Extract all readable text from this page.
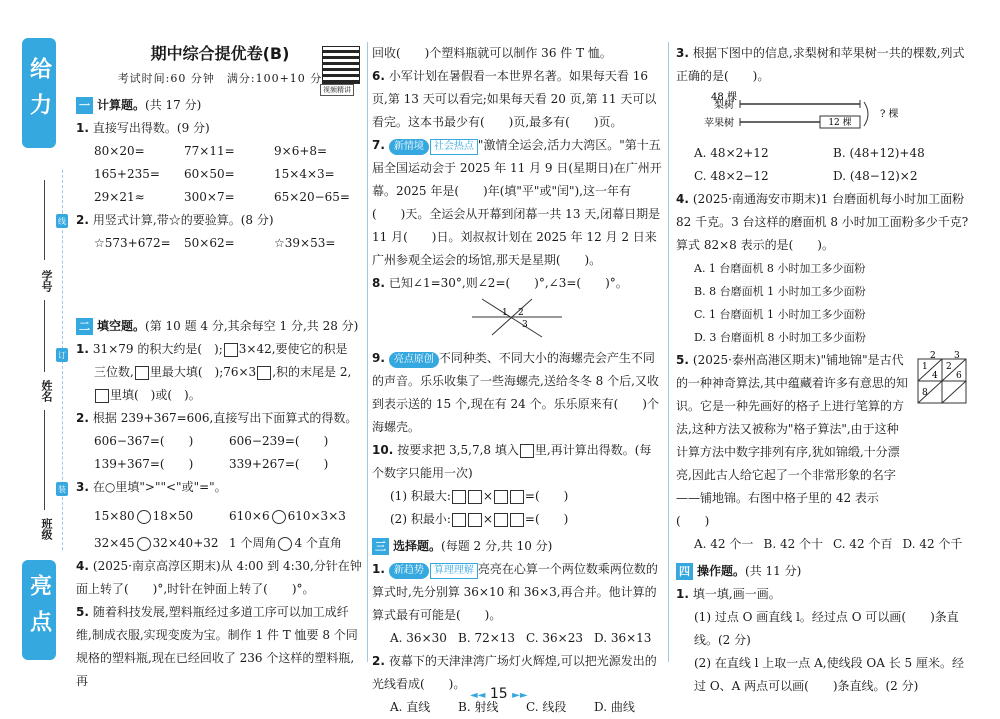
给力
亮点
学号
姓名
班级
线
订
装
视频精讲
期中综合提优卷(B)
考试时间:60 分钟　满分:100+10 分
一 计算题。 (共 17 分)
1. 直接写出得数。(9 分)
80×20=	77×11=	9×6+8=
165+235=	60×50=	15×4×3=
29×21≈	300×7=	65×20−65=
2. 用竖式计算,带☆的要验算。(8 分)
☆573+672=	50×62=	☆39×53=
二 填空题。 (第 10 题 4 分,其余每空 1 分,共 28 分)
1. 31×79 的积大约是(　); 3×42,要使它的积是
三位数, 里最大填(　);76×3 ,积的末尾是 2,
里填(　)或(　)。
2. 根据 239+367=606,直接写出下面算式的得数。
606−367=(　　)	606−239=(　　)
139+367=(　　)	339+267=(　　)
3. 在○里填">""<"或"="。
15×80 18×50	610×6 610×3×3
32×45 32×40+32 1 个周角 4 个直角
4. (2025·南京高淳区期末)从 4:00 到 4:30,分针在钟面上转了(　　)°,时针在钟面上转了(　　)°。
5. 随着科技发展,塑料瓶经过多道工序可以加工成纤维,制成衣服,实现变废为宝。制作 1 件 T 恤要 8 个同规格的塑料瓶,现在已经回收了 236 个这样的塑料瓶,再
回收(　　)个塑料瓶就可以制作 36 件 T 恤。
6. 小军计划在暑假看一本世界名著。如果每天看 16 页,第 13 天可以看完;如果每天看 20 页,第 11 天可以看完。这本书最少有(　　)页,最多有(　　)页。
7. 新情境 社会热点 "激情全运会,活力大湾区。"第十五届全国运动会于 2025 年 11 月 9 日(星期日)在广州开幕。2025 年是(　　)年(填"平"或"闰"),这一年有(　　)天。全运会从开幕到闭幕一共 13 天,闭幕日期是 11 月(　　)日。刘叔叔计划在 2025 年 12 月 2 日来广州参观全运会的场馆,那天是星期(　　)。
8. 已知∠1=30°,则∠2=(　　)°,∠3=(　　)°。
1 2
3
9. 亮点原创 不同种类、不同大小的海螺壳会产生不同的声音。乐乐收集了一些海螺壳,送给冬冬 8 个后,又收到表示送的 15 个,现在有 24 个。乐乐原来有(　　)个海螺壳。
10. 按要求把 3,5,7,8 填入 里,再计算出得数。(每个数字只能用一次)
(1) 积最大:	×	=(　　)
(2) 积最小:	×	=(　　)
三 选择题。 (每题 2 分,共 10 分)
1. 新趋势 算理理解 亮亮在心算一个两位数乘两位数的算式时,先分别算 36×10 和 36×3,再合并。他计算的算式最有可能是(　　)。
A. 36×30 B. 72×13 C. 36×23 D. 36×13
2. 夜幕下的天津津湾广场灯火辉煌,可以把光源发出的光线看成(　　)。
A. 直线	B. 射线	C. 线段	D. 曲线
3. 根据下图中的信息,求梨树和苹果树一共的棵数,列式正确的是(　　)。
48 棵
梨树
苹果树	12 棵
? 棵
A. 48×2+12	B. (48+12)+48
C. 48×2−12	D. (48−12)×2
4. (2025·南通海安市期末)1 台磨面机每小时加工面粉 82 千克。3 台这样的磨面机 8 小时加工面粉多少千克?算式 82×8 表示的是(　　)。
A. 1 台磨面机 8 小时加工多少面粉
B. 8 台磨面机 1 小时加工多少面粉
C. 1 台磨面机 1 小时加工多少面粉
D. 3 台磨面机 8 小时加工多少面粉
5. (2025·泰州高港区期末)"铺地锦"是古代的一种神奇算法,其中蕴藏着许多有意思的知识。它是一种先画好的格子上进行笔算的方法,这种方法又被称为"格子算法",由于这种计算方法中数字排列有序,犹如锦缎,十分漂亮,因此古人给它起了一个非常形象的名字——铺地锦。右图中格子里的 42 表示(　　)
2 3
1
4
2
6
8
A. 42 个一 B. 42 个十 C. 42 个百 D. 42 个千
四 操作题。 (共 11 分)
1. 填一填,画一画。
(1) 过点 O 画直线 l。经过点 O 可以画(　　)条直线。(2 分)
(2) 在直线 l 上取一点 A,使线段 OA 长 5 厘米。经过 O、A 两点可以画(　　)条直线。(2 分)
◄◄ 15 ►►
